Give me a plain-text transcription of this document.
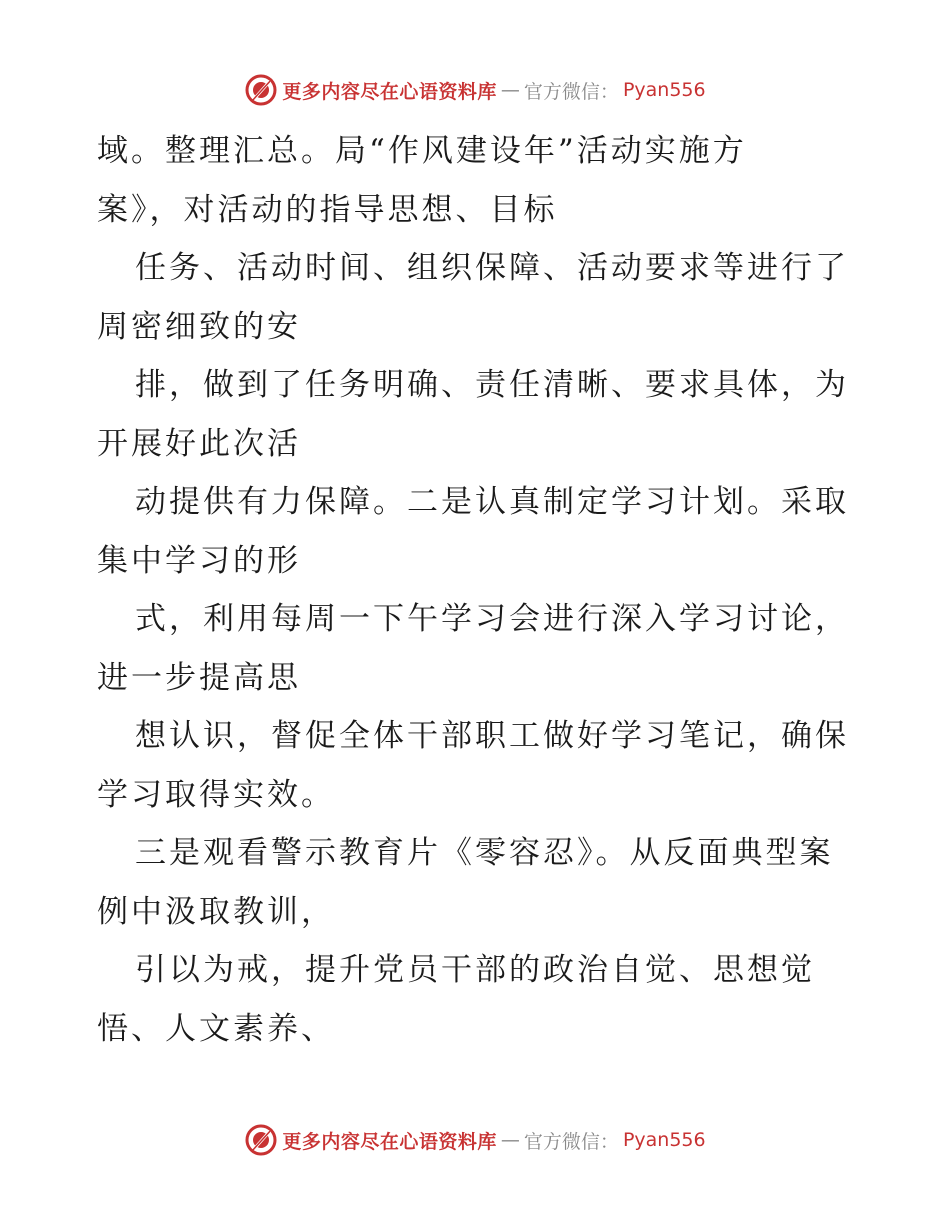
更多内容尽在心语资料库 — 官方微信： Pyan556
域。整理汇总。局“作风建设年”活动实施方
案》，对活动的指导思想、目标
任务、活动时间、组织保障、活动要求等进行了
周密细致的安
排，做到了任务明确、责任清晰、要求具体，为
开展好此次活
动提供有力保障。二是认真制定学习计划。采取
集中学习的形
式，利用每周一下午学习会进行深入学习讨论，
进一步提高思
想认识，督促全体干部职工做好学习笔记，确保
学习取得实效。
三是观看警示教育片《零容忍》。从反面典型案
例中汲取教训，
引以为戒，提升党员干部的政治自觉、思想觉
悟、人文素养、
更多内容尽在心语资料库 — 官方微信： Pyan556
